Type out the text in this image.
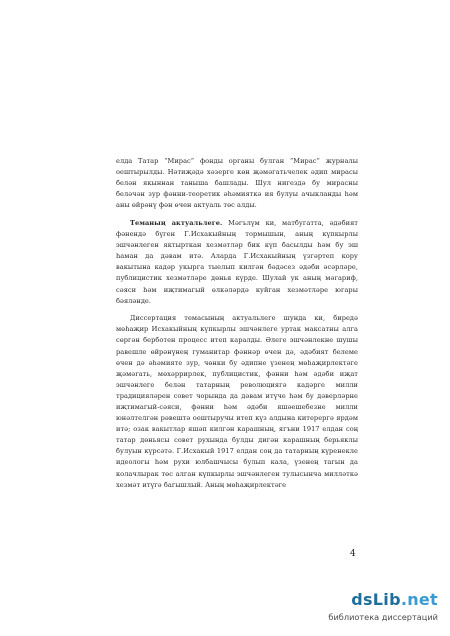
елда Татар “Мирас” фонды органы булган “Мирас” журналы оештырылды. Нәтиҗәдә хәзерге көн җәмәгатьчелек әдип мирасы белән якыннан таныша башлады. Шул нигездә бу мирасны беләчән зур фәнни-теоретик әһәмияткә ия булуы ачыкланды һәм аны өйрәнү фән өчен актуаль төс алды.

Теманың актуальлеге. Мәгълүм ки, матбугатта, әдәбият фәнендә бүген Г.Исхакыйның тормышын, аның күпкырлы эшчәнлеген яктырткан хезмәтләр бик күп басылды һәм бу эш һаман да дәвам итә. Аларда Г.Исхакыйның үзгәртеп кору вакытына кадәр укырга тыелып килгән бәдәсез әдәби әсәрләре, публицистик хезмәтләре дөнья күрде. Шулай ук аның мәгариф, сәяси һәм иҗтимагый өлкәләрдә куйган хезмәтләре югары бәяләнде.

Диссертация темасының актуальлеге шунда ки, биредә мөһаҗир Исхакыйның күпкырлы эшчәнлеге уртак максатны алга сөргән берботен процесс итеп каралды. Әлеге эшчәнлекне шушы равешле өйрәнүнең гуманитар фәннәр өчен дә, әдәбият белеме өчен дә әһәмияте зур, чөнки бу әдипне үзенең мөһаҗирлектәге җәмәгать, мөхәррирлек, публицистик, фәнни һәм әдәби иҗат эшчәнлеге белән татарның революциягә кадәрге милли традицияләрен совет чорында да дәвам итүче һәм бу дәверләрне иҗтимагый-сәяси, фәнни һәм әдәби яшәешебезне милли юнәлтелгән рәвештә оештыручы итеп күз алдына китерергә ярдәм итә; озак вакытлар яшәп килгән карашның, ягъни 1917 елдан соң татар дөньясы совет рухында булды дигән карашның берьяклы булуын күрсәтә. Г.Исхакый 1917 елдан соң да татарның күренекле идеологы һәм рухи юлбашчысы булып кала, үзенең тагын да колачлырак төс алган күпкырлы эшчәнлеген тулысынча милләткә хезмәт итүгә багышлый. Аның мөһаҗирлектәге

4
dsLib.net
библиотека диссертаций
